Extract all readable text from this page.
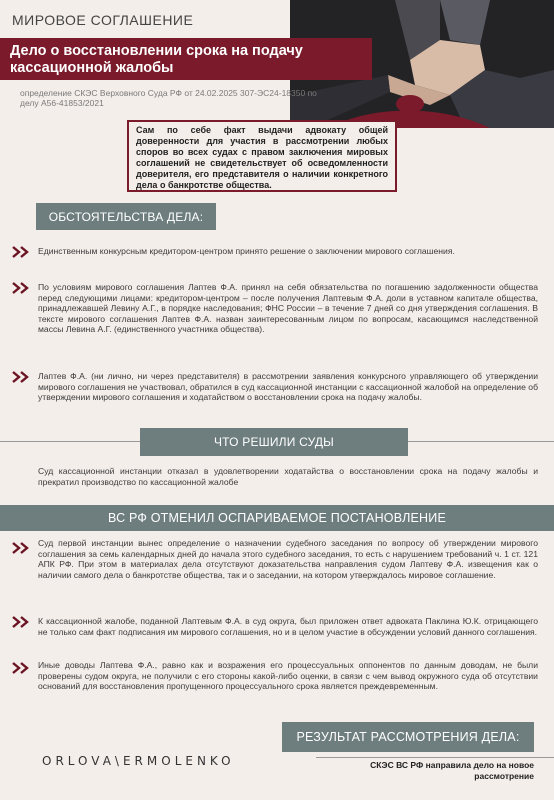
МИРОВОЕ СОГЛАШЕНИЕ
Дело о восстановлении срока на подачу кассационной жалобы
определение СКЭС Верховного Суда РФ от 24.02.2025 307-ЭС24-18350 по делу А56-41853/2021
Сам по себе факт выдачи адвокату общей доверенности для участия в рассмотрении любых споров во всех судах с правом заключения мировых соглашений не свидетельствует об осведомленности доверителя, его представителя о наличии конкретного дела о банкротстве общества.
ОБСТОЯТЕЛЬСТВА ДЕЛА:
Единственным конкурсным кредитором-центром принято решение о заключении мирового соглашения.
По условиям мирового соглашения Лаптев Ф.А. принял на себя обязательства по погашению задолженности общества перед следующими лицами: кредитором-центром – после получения Лаптевым Ф.А. доли в уставном капитале общества, принадлежавшей Левину А.Г., в порядке наследования; ФНС России – в течение 7 дней со дня утверждения соглашения. В тексте мирового соглашения Лаптев Ф.А. назван заинтересованным лицом по вопросам, касающимся наследственной массы Левина А.Г. (единственного участника общества).
Лаптев Ф.А. (ни лично, ни через представителя) в рассмотрении заявления конкурсного управляющего об утверждении мирового соглашения не участвовал, обратился в суд кассационной инстанции с кассационной жалобой на определение об утверждении мирового соглашения и ходатайством о восстановлении срока на подачу жалобы.
ЧТО РЕШИЛИ СУДЫ
Суд кассационной инстанции отказал в удовлетворении ходатайства о восстановлении срока на подачу жалобы и прекратил производство по кассационной жалобе
ВС РФ ОТМЕНИЛ ОСПАРИВАЕМОЕ ПОСТАНОВЛЕНИЕ
Суд первой инстанции вынес определение о назначении судебного заседания по вопросу об утверждении мирового соглашения за семь календарных дней до начала этого судебного заседания, то есть с нарушением требований ч. 1 ст. 121 АПК РФ. При этом в материалах дела отсутствуют доказательства направления судом Лаптеву Ф.А. извещения как о наличии самого дела о банкротстве общества, так и о заседании, на котором утверждалось мировое соглашение.
К кассационной жалобе, поданной Лаптевым Ф.А. в суд округа, был приложен ответ адвоката Паклина Ю.К. отрицающего не только сам факт подписания им мирового соглашения, но и в целом участие в обсуждении условий данного соглашения.
Иные доводы Лаптева Ф.А., равно как и возражения его процессуальных оппонентов по данным доводам, не были проверены судом округа, не получили с его стороны какой-либо оценки, в связи с чем вывод окружного суда об отсутствии оснований для восстановления пропущенного процессуального срока является преждевременным.
РЕЗУЛЬТАТ РАССМОТРЕНИЯ ДЕЛА:
ORLOVA\ERMOLENKO	СКЭС ВС РФ направила дело на новое рассмотрение
